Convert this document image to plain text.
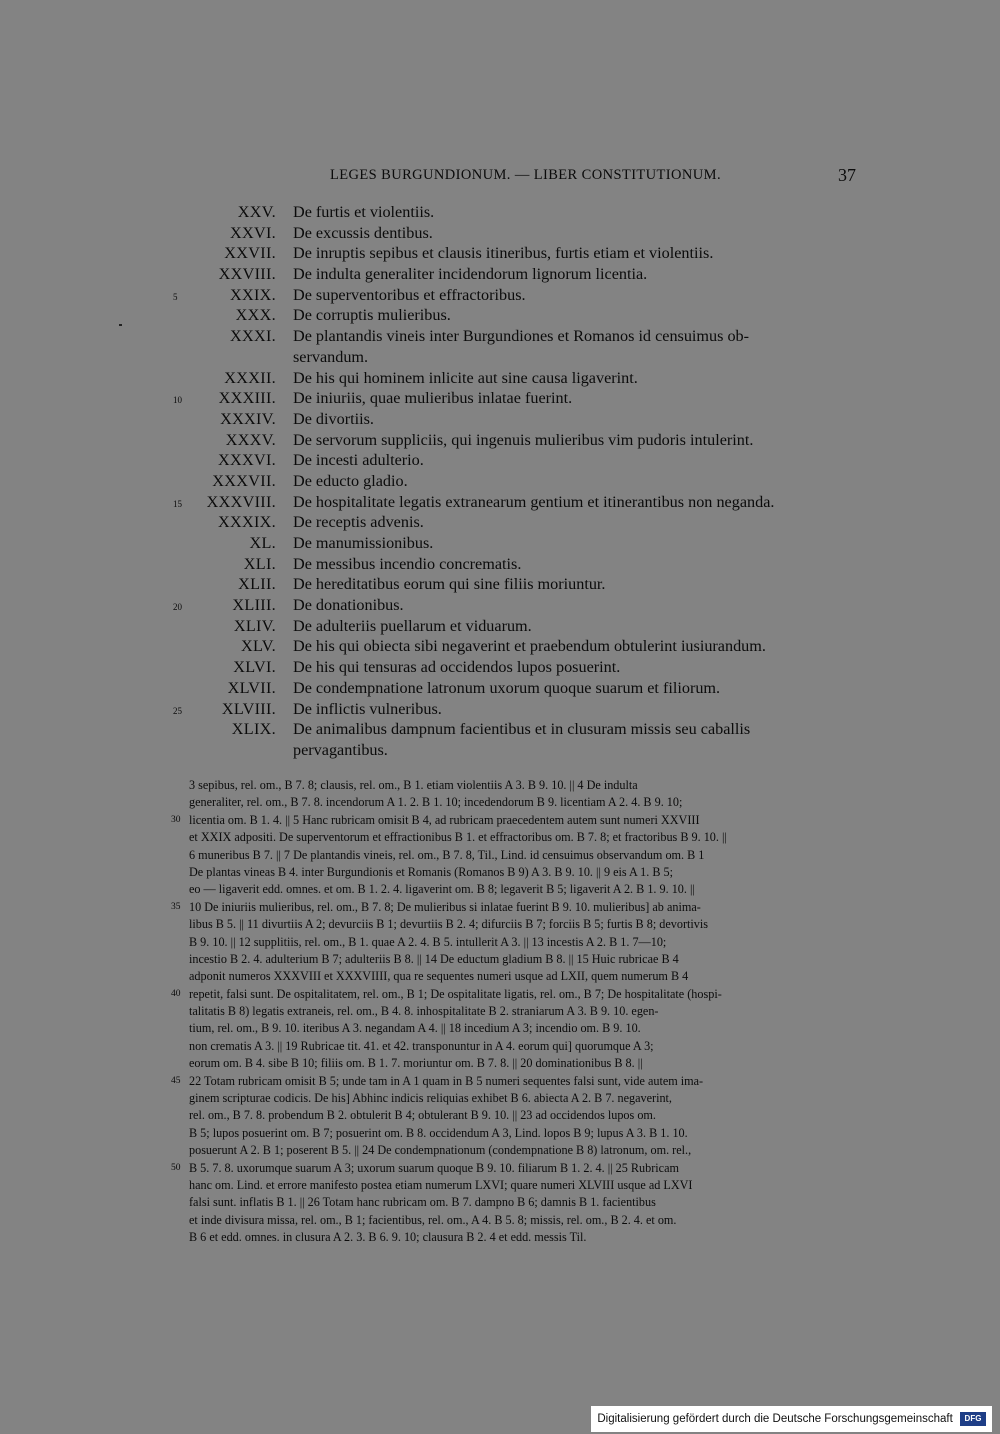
LEGES BURGUNDIONUM. — LIBER CONSTITUTIONUM.	37
XXV. De furtis et violentiis.
XXVI. De excussis dentibus.
XXVII. De inruptis sepibus et clausis itineribus, furtis etiam et violentiis.
XXVIII. De indulta generaliter incidendorum lignorum licentia.
5	XXIX. De superventoribus et effractoribus.
XXX. De corruptis mulieribus.
XXXI. De plantandis vineis inter Burgundiones et Romanos id censuimus ob-
servandum.
XXXII. De his qui hominem inlicite aut sine causa ligaverint.
10 XXXIII. De iniuriis, quae mulieribus inlatae fuerint.
XXXIV. De divortiis.
XXXV. De servorum suppliciis, qui ingenuis mulieribus vim pudoris intulerint.
XXXVI. De incesti adulterio.
XXXVII. De educto gladio.
15 XXXVIII. De hospitalitate legatis extranearum gentium et itinerantibus non neganda.
XXXIX. De receptis advenis.
XL. De manumissionibus.
XLI. De messibus incendio concrematis.
XLII. De hereditatibus eorum qui sine filiis moriuntur.
20	XLIII. De donationibus.
XLIV. De adulteriis puellarum et viduarum.
XLV. De his qui obiecta sibi negaverint et praebendum obtulerint iusiurandum.
XLVI. De his qui tensuras ad occidendos lupos posuerint.
XLVII. De condempnatione latronum uxorum quoque suarum et filiorum.
25 XLVIII. De inflictis vulneribus.
XLIX. De animalibus dampnum facientibus et in clusuram missis seu caballis
pervagantibus.
3 sepibus, rel. om., B 7. 8; clausis, rel. om., B 1. etiam violentiis A 3. B 9. 10. || 4 De indulta
generaliter, rel. om., B 7. 8. incendorum A 1. 2. B 1. 10; incedendorum B 9. licentiam A 2. 4. B 9. 10;
30 licentia om. B 1. 4. || 5 Hanc rubricam omisit B 4, ad rubricam praecedentem autem sunt numeri XXVIII
et XXIX adpositi. De superventorum et effractionibus B 1. et effractoribus om. B 7. 8; et fractoribus B 9. 10. ||
6 muneribus B 7. || 7 De plantandis vineis, rel. om., B 7. 8, Til., Lind. id censuimus observandum om. B 1
De plantas vineas B 4. inter Burgundionis et Romanis (Romanos B 9) A 3. B 9. 10. || 9 eis A 1. B 5;
eo — ligaverit edd. omnes. et om. B 1. 2. 4. ligaverint om. B 8; legaverit B 5; ligaverit A 2. B 1. 9. 10. ||
35 10 De iniuriis mulieribus, rel. om., B 7. 8; De mulieribus si inlatae fuerint B 9. 10. mulieribus] ab anima-
libus B 5. || 11 divurtiis A 2; devurciis B 1; devurtiis B 2. 4; difurciis B 7; forciis B 5; furtis B 8; devortivis
B 9. 10. || 12 supplitiis, rel. om., B 1. quae A 2. 4. B 5. intullerit A 3. || 13 incestis A 2. B 1. 7—10;
incestio B 2. 4. adulterium B 7; adulteriis B 8. || 14 De eductum gladium B 8. || 15 Huic rubricae B 4
adponit numeros XXXVIII et XXXVIIII, qua re sequentes numeri usque ad LXII, quem numerum B 4
40 repetit, falsi sunt. De ospitalitatem, rel. om., B 1; De ospitalitate ligatis, rel. om., B 7; De hospitalitate (hospi-
talitatis B 8) legatis extraneis, rel. om., B 4. 8. inhospitalitate B 2. straniarum A 3. B 9. 10. egen-
tium, rel. om., B 9. 10. iteribus A 3. negandam A 4. || 18 incedium A 3; incendio om. B 9. 10.
non crematis A 3. || 19 Rubricae tit. 41. et 42. transponuntur in A 4. eorum qui] quorumque A 3;
eorum om. B 4. sibe B 10; filiis om. B 1. 7. moriuntur om. B 7. 8. || 20 dominationibus B 8. ||
45 22 Totam rubricam omisit B 5; unde tam in A 1 quam in B 5 numeri sequentes falsi sunt, vide autem ima-
ginem scripturae codicis. De his] Abhinc indicis reliquias exhibet B 6. abiecta A 2. B 7. negaverint,
rel. om., B 7. 8. probendum B 2. obtulerit B 4; obtulerant B 9. 10. || 23 ad occidendos lupos om.
B 5; lupos posuerint om. B 7; posuerint om. B 8. occidendum A 3, Lind. lopos B 9; lupus A 3. B 1. 10.
posuerunt A 2. B 1; poserent B 5. || 24 De condempnationum (condempnatione B 8) latronum, om. rel.,
50 B 5. 7. 8. uxorumque suarum A 3; uxorum suarum quoque B 9. 10. filiarum B 1. 2. 4. || 25 Rubricam
hanc om. Lind. et errore manifesto postea etiam numerum LXVI; quare numeri XLVIII usque ad LXVI
falsi sunt. inflatis B 1. || 26 Totam hanc rubricam om. B 7. dampno B 6; damnis B 1. facientibus
et inde divisura missa, rel. om., B 1; facientibus, rel. om., A 4. B 5. 8; missis, rel. om., B 2. 4. et om.
B 6 et edd. omnes. in clusura A 2. 3. B 6. 9. 10; clausura B 2. 4 et edd. messis Til.
Digitalisierung gefördert durch die Deutsche Forschungsgemeinschaft DFG
